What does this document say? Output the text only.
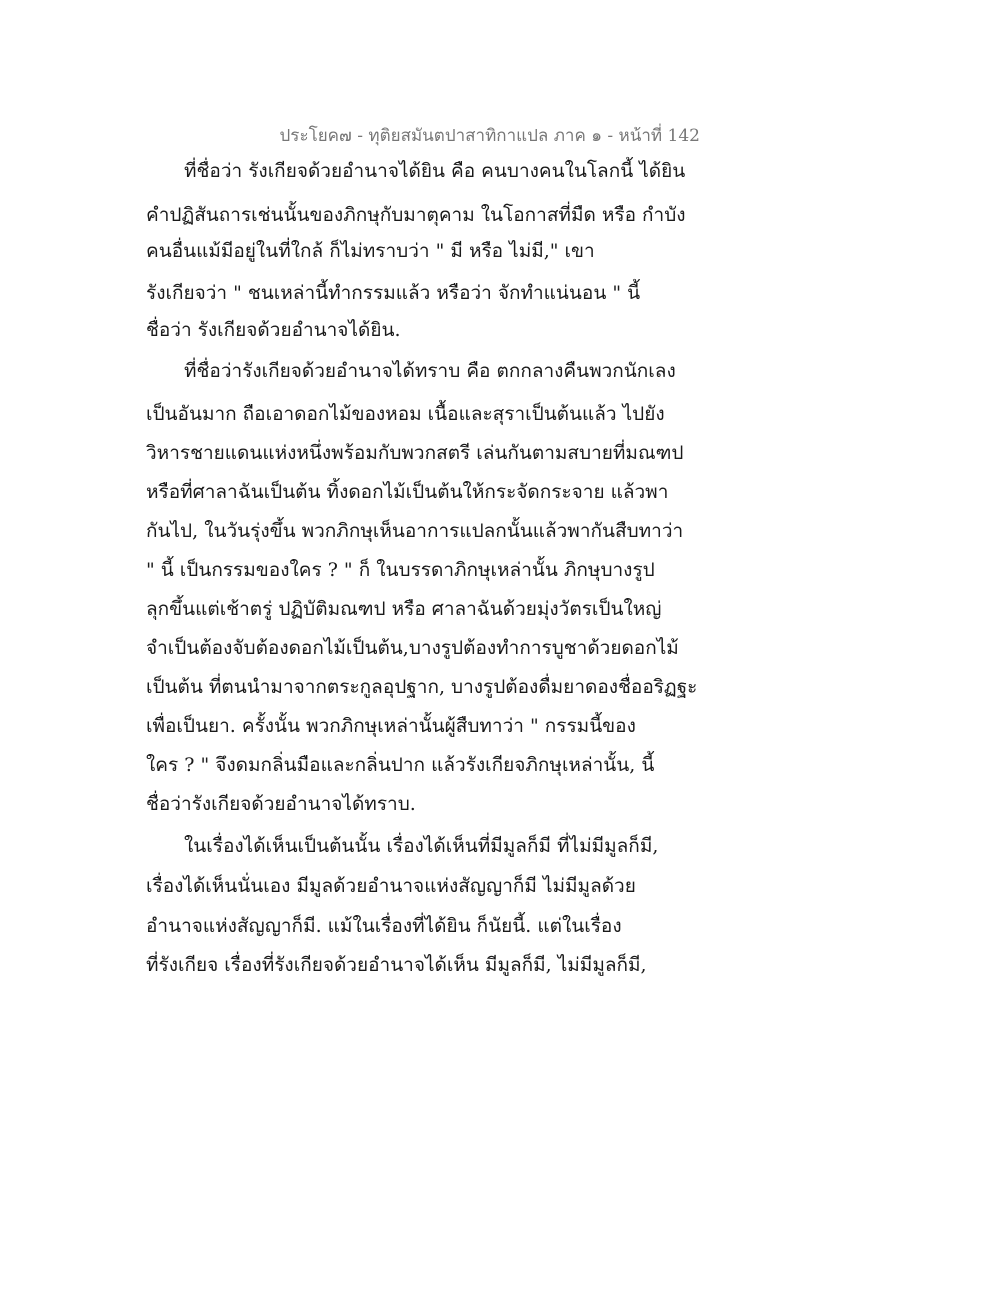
ประโยค๗ - ทุติยสมันตปาสาทิกาแปล ภาค ๑ - หน้าที่ 142
ที่ชื่อว่า รังเกียจด้วยอำนาจได้ยิน คือ คนบางคนในโลกนี้ ได้ยิน
คำปฏิสันถารเช่นนั้นของภิกษุกับมาตุคาม ในโอกาสที่มืด หรือ กำบัง
คนอื่นแม้มีอยู่ในที่ใกล้ ก็ไม่ทราบว่า " มี หรือ ไม่มี," เขา
รังเกียจว่า " ชนเหล่านี้ทำกรรมแล้ว หรือว่า จักทำแน่นอน " นี้
ชื่อว่า รังเกียจด้วยอำนาจได้ยิน.
ที่ชื่อว่ารังเกียจด้วยอำนาจได้ทราบ คือ ตกกลางคืนพวกนักเลง
เป็นอันมาก ถือเอาดอกไม้ของหอม เนื้อและสุราเป็นต้นแล้ว ไปยัง
วิหารชายแดนแห่งหนึ่งพร้อมกับพวกสตรี เล่นกันตามสบายที่มณฑป
หรือที่ศาลาฉันเป็นต้น ทิ้งดอกไม้เป็นต้นให้กระจัดกระจาย แล้วพา
กันไป, ในวันรุ่งขึ้น พวกภิกษุเห็นอาการแปลกนั้นแล้วพากันสืบทาว่า
" นี้ เป็นกรรมของใคร ? " ก็ ในบรรดาภิกษุเหล่านั้น ภิกษุบางรูป
ลุกขึ้นแต่เช้าตรู่ ปฏิบัติมณฑป หรือ ศาลาฉันด้วยมุ่งวัตรเป็นใหญ่
จำเป็นต้องจับต้องดอกไม้เป็นต้น,บางรูปต้องทำการบูชาด้วยดอกไม้
เป็นต้น ที่ตนนำมาจากตระกูลอุปฐาก, บางรูปต้องดื่มยาดองชื่ออริฏฐะ
เพื่อเป็นยา. ครั้งนั้น พวกภิกษุเหล่านั้นผู้สืบทาว่า " กรรมนี้ของ
ใคร ? " จึงดมกลิ่นมือและกลิ่นปาก แล้วรังเกียจภิกษุเหล่านั้น, นี้
ชื่อว่ารังเกียจด้วยอำนาจได้ทราบ.
ในเรื่องได้เห็นเป็นต้นนั้น เรื่องได้เห็นที่มีมูลก็มี ที่ไม่มีมูลก็มี,
เรื่องได้เห็นนั่นเอง มีมูลด้วยอำนาจแห่งสัญญาก็มี ไม่มีมูลด้วย
อำนาจแห่งสัญญาก็มี. แม้ในเรื่องที่ได้ยิน ก็นัยนี้. แต่ในเรื่อง
ที่รังเกียจ เรื่องที่รังเกียจด้วยอำนาจได้เห็น มีมูลก็มี, ไม่มีมูลก็มี,
